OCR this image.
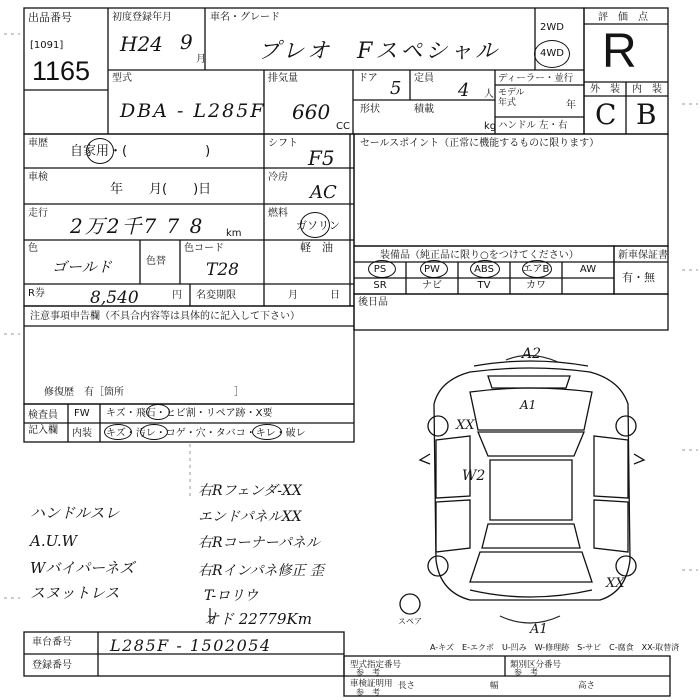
出品番号
[1091]
1165
初度登録年月
H24 9
月
車名・グレード
プレオ　Fスペシャル
2WD
4WD
評　価　点
R
外　装 内　装
C B
型式
DBA - L285F
排気量
660
CC
ドア 5 定員
4 人
形状	積載
kg
ディーラー・並行
モデル
年式	年
ハンドル 左・右
車歴
自家用・(　　　　　　)
シフト
F5
セールスポイント（正常に機能するものに限ります）
車検
年　　月(　　)日
冷房
AC
走行
2万2千7 7 8 km
燃料
ガソリン
軽　油
色
ゴールド	色替
色コード
T28
R券	8,540	円 名変期限	月	日
装備品（純正品に限り○をつけてください）	新車保証書
有・無
PS	PW	ABS	エアB	AW
SR	ナビ	TV	カワ
後日品
注意事項申告欄（不具合内容等は具体的に記入して下さい）
修復歴　有［箇所　　　　　　　　　　　］
検査員
記入欄
FW キズ・飛石・ヒビ割・リペア跡・X要
内装 キズ・汚レ・コゲ・穴・タバコ・キレ・破レ
ハンドルスレ
A.U.W
Wバイパーネズ
スヌットレス
右Rフェンダ-XX
エンドパネルXX
右Rコーナーパネル
右Rインパネ修正 歪
T-ロリウ
オド 22779Km
A2
A1
XX
W2
XX
A1
スペア
A-キズ　E-エクボ　U-凹み　W-修理跡　S-サビ　C-腐食　XX-取替済
車台番号 L285F - 1502054
登録番号	型式指定番号
参　考
類別区分番号
参　考
車検証明用
参　考
長さ	幅	高さ
